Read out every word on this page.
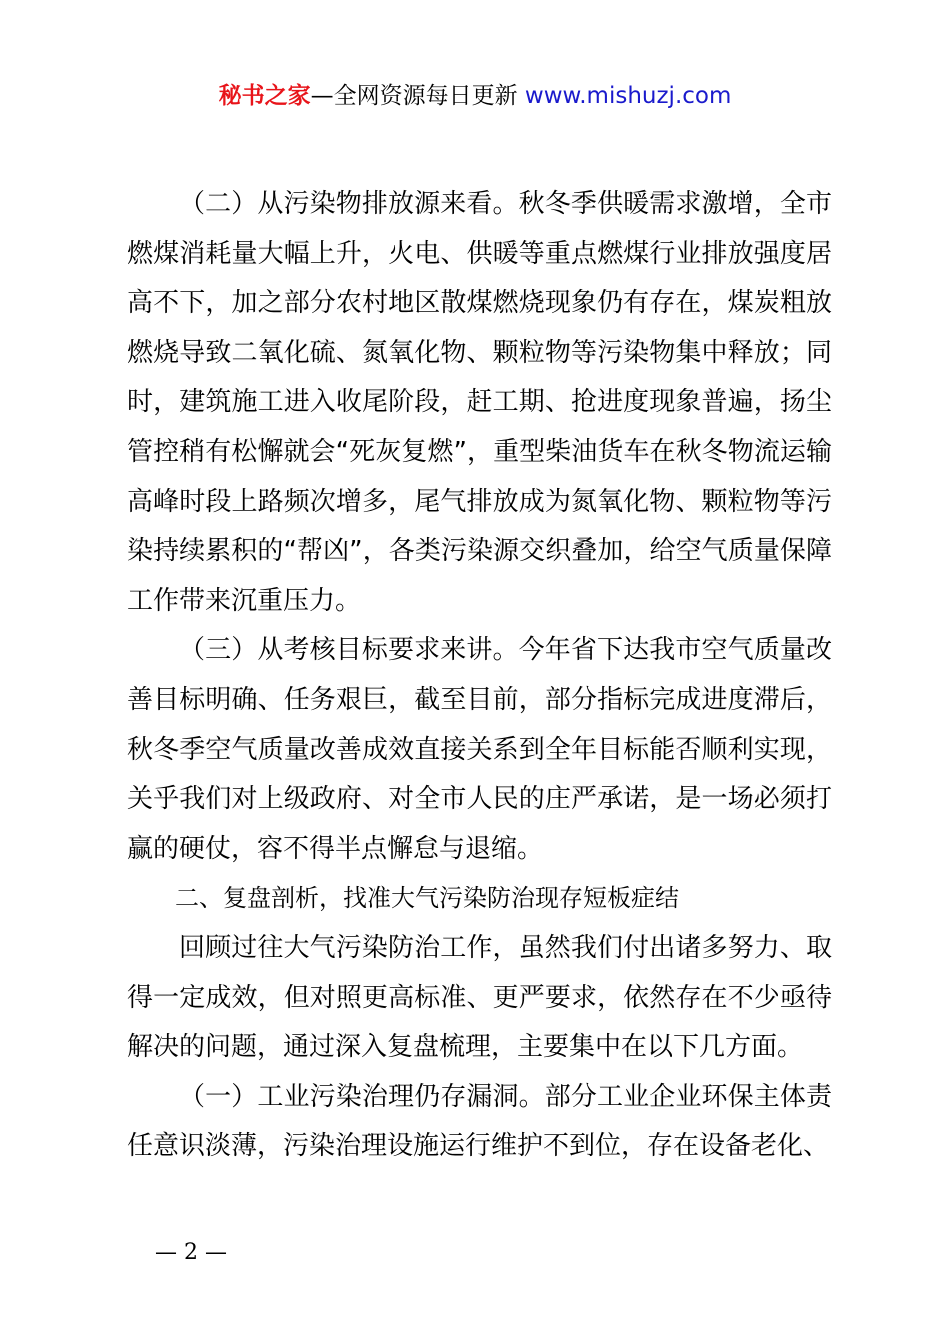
秘书之家—全网资源每日更新 www.mishuzj.com

（二）从污染物排放源来看。秋冬季供暖需求激增，全市燃煤消耗量大幅上升，火电、供暖等重点燃煤行业排放强度居高不下，加之部分农村地区散煤燃烧现象仍有存在，煤炭粗放燃烧导致二氧化硫、氮氧化物、颗粒物等污染物集中释放；同时，建筑施工进入收尾阶段，赶工期、抢进度现象普遍，扬尘管控稍有松懈就会“死灰复燃”，重型柴油货车在秋冬物流运输高峰时段上路频次增多，尾气排放成为氮氧化物、颗粒物等污染持续累积的“帮凶”，各类污染源交织叠加，给空气质量保障工作带来沉重压力。

（三）从考核目标要求来讲。今年省下达我市空气质量改善目标明确、任务艰巨，截至目前，部分指标完成进度滞后，秋冬季空气质量改善成效直接关系到全年目标能否顺利实现，关乎我们对上级政府、对全市人民的庄严承诺，是一场必须打赢的硬仗，容不得半点懈怠与退缩。

二、复盘剖析，找准大气污染防治现存短板症结

回顾过往大气污染防治工作，虽然我们付出诸多努力、取得一定成效，但对照更高标准、更严要求，依然存在不少亟待解决的问题，通过深入复盘梳理，主要集中在以下几方面。

（一）工业污染治理仍存漏洞。部分工业企业环保主体责任意识淡薄，污染治理设施运行维护不到位，存在设备老化、

— 2 —
